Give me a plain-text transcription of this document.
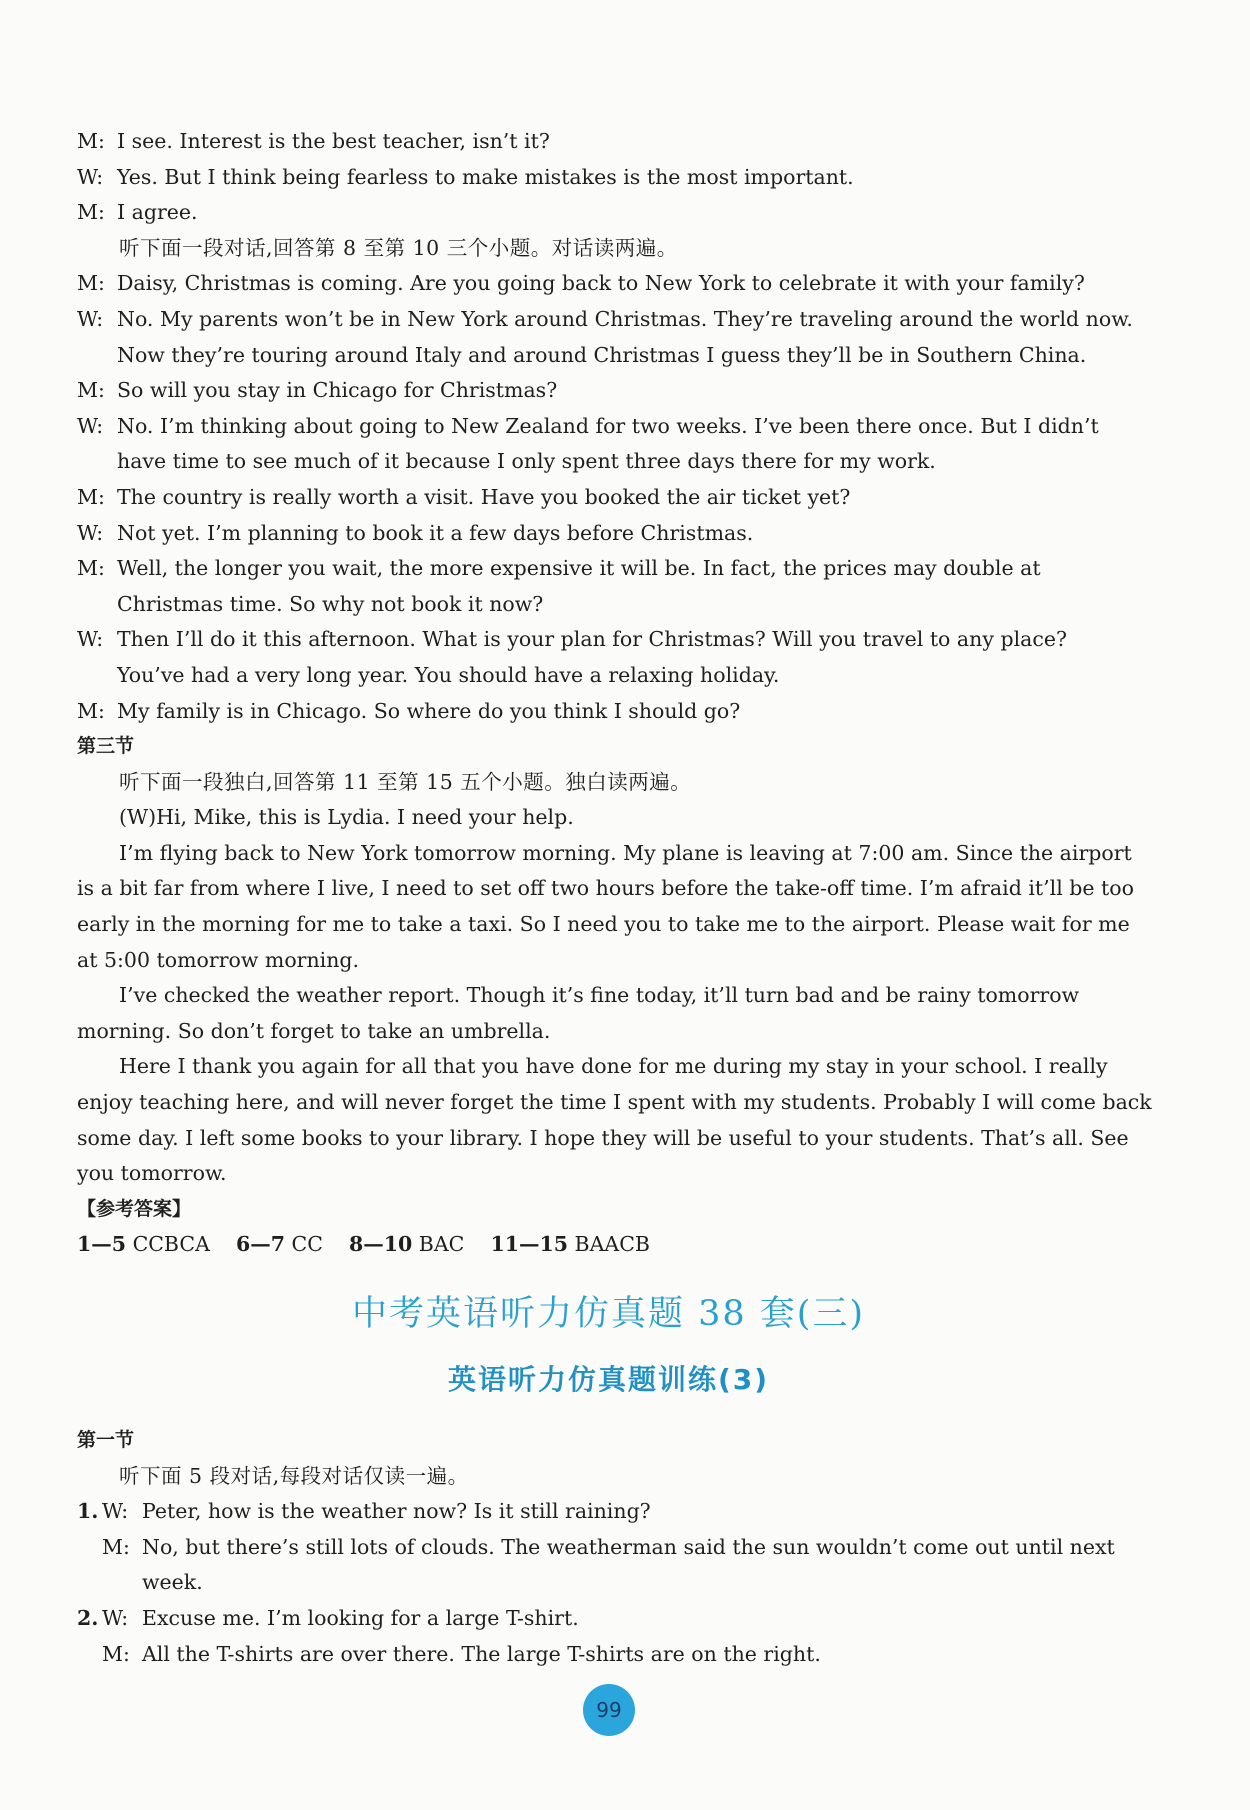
M: I see. Interest is the best teacher, isn’t it?
W: Yes. But I think being fearless to make mistakes is the most important.
M: I agree.
听下面一段对话,回答第 8 至第 10 三个小题。对话读两遍。
M: Daisy, Christmas is coming. Are you going back to New York to celebrate it with your family?
W: No. My parents won’t be in New York around Christmas. They’re traveling around the world now.
Now they’re touring around Italy and around Christmas I guess they’ll be in Southern China.
M: So will you stay in Chicago for Christmas?
W: No. I’m thinking about going to New Zealand for two weeks. I’ve been there once. But I didn’t
have time to see much of it because I only spent three days there for my work.
M: The country is really worth a visit. Have you booked the air ticket yet?
W: Not yet. I’m planning to book it a few days before Christmas.
M: Well, the longer you wait, the more expensive it will be. In fact, the prices may double at
Christmas time. So why not book it now?
W: Then I’ll do it this afternoon. What is your plan for Christmas? Will you travel to any place?
You’ve had a very long year. You should have a relaxing holiday.
M: My family is in Chicago. So where do you think I should go?
第三节
听下面一段独白,回答第 11 至第 15 五个小题。独白读两遍。
(W)Hi, Mike, this is Lydia. I need your help.
I’m flying back to New York tomorrow morning. My plane is leaving at 7:00 am. Since the airport
is a bit far from where I live, I need to set off two hours before the take-off time. I’m afraid it’ll be too
early in the morning for me to take a taxi. So I need you to take me to the airport. Please wait for me
at 5:00 tomorrow morning.
I’ve checked the weather report. Though it’s fine today, it’ll turn bad and be rainy tomorrow
morning. So don’t forget to take an umbrella.
Here I thank you again for all that you have done for me during my stay in your school. I really
enjoy teaching here, and will never forget the time I spent with my students. Probably I will come back
some day. I left some books to your library. I hope they will be useful to your students. That’s all. See
you tomorrow.
【参考答案】
1—5 CCBCA 6—7 CC 8—10 BAC 11—15 BAACB
中考英语听力仿真题 38 套(三)
英语听力仿真题训练(3)
第一节
听下面 5 段对话,每段对话仅读一遍。
1. W: Peter, how is the weather now? Is it still raining?
M: No, but there’s still lots of clouds. The weatherman said the sun wouldn’t come out until next
week.
2. W: Excuse me. I’m looking for a large T-shirt.
M: All the T-shirts are over there. The large T-shirts are on the right.
99
